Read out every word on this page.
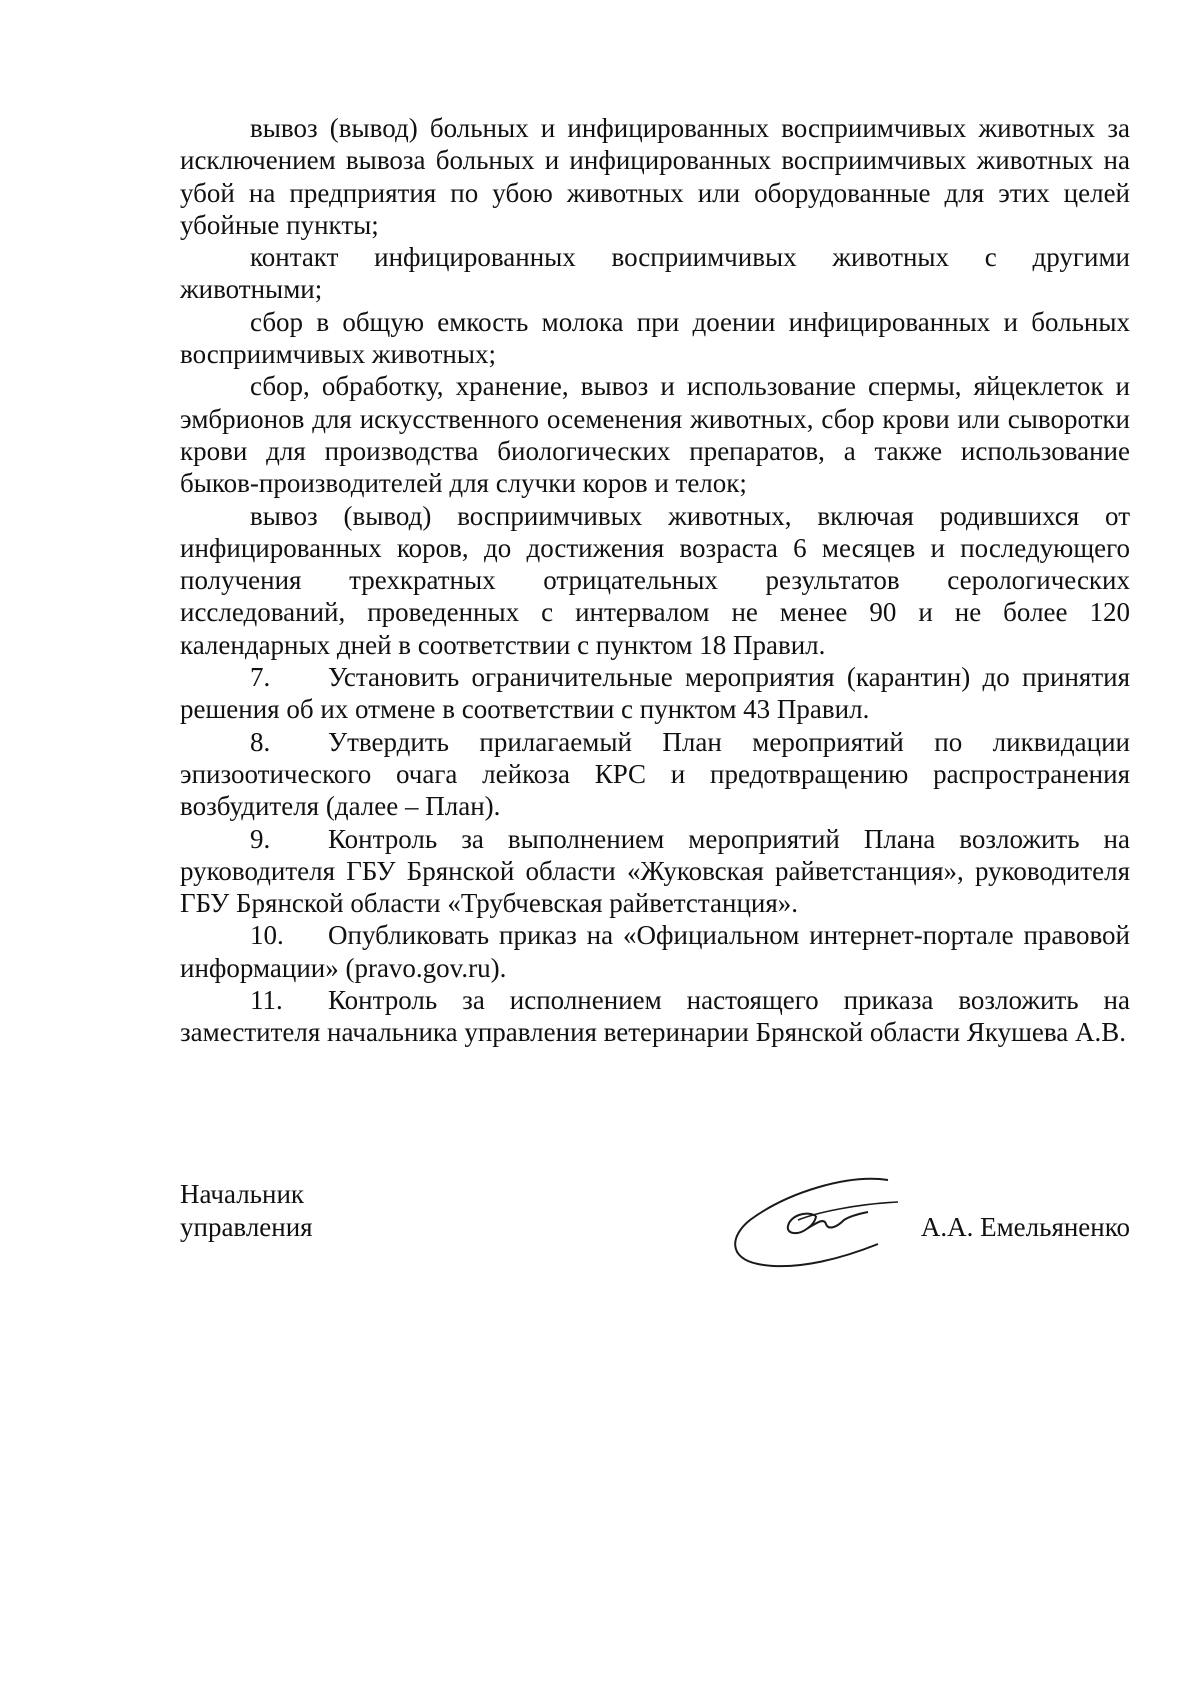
вывоз (вывод) больных и инфицированных восприимчивых животных за исключением вывоза больных и инфицированных восприимчивых животных на убой на предприятия по убою животных или оборудованные для этих целей убойные пункты;

контакт инфицированных восприимчивых животных с другими животными;

сбор в общую емкость молока при доении инфицированных и больных восприимчивых животных;

сбор, обработку, хранение, вывоз и использование спермы, яйцеклеток и эмбрионов для искусственного осеменения животных, сбор крови или сыворотки крови для производства биологических препаратов, а также использование быков-производителей для случки коров и телок;

вывоз (вывод) восприимчивых животных, включая родившихся от инфицированных коров, до достижения возраста 6 месяцев и последующего получения трехкратных отрицательных результатов серологических исследований, проведенных с интервалом не менее 90 и не более 120 календарных дней в соответствии с пунктом 18 Правил.

7. Установить ограничительные мероприятия (карантин) до принятия решения об их отмене в соответствии с пунктом 43 Правил.

8. Утвердить прилагаемый План мероприятий по ликвидации эпизоотического очага лейкоза КРС и предотвращению распространения возбудителя (далее – План).

9. Контроль за выполнением мероприятий Плана возложить на руководителя ГБУ Брянской области «Жуковская райветстанция», руководителя ГБУ Брянской области «Трубчевская райветстанция».

10. Опубликовать приказ на «Официальном интернет-портале правовой информации» (pravo.gov.ru).

11. Контроль за исполнением настоящего приказа возложить на заместителя начальника управления ветеринарии Брянской области Якушева А.В.

Начальник
управления	А.А. Емельяненко
